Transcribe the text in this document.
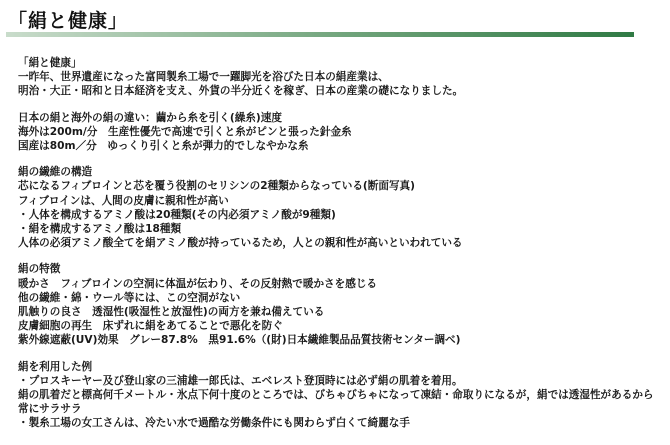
「絹と健康」
「絹と健康」
一昨年、世界遺産になった富岡製糸工場で一躍脚光を浴びた日本の絹産業は、
明治・大正・昭和と日本経済を支え、外貨の半分近くを稼ぎ、日本の産業の礎になりました。
日本の絹と海外の絹の違い：繭から糸を引く(繰糸)速度
海外は200m/分　生産性優先で高速で引くと糸がピンと張った針金糸
国産は80m／分　ゆっくり引くと糸が弾力的でしなやかな糸
絹の繊維の構造
芯になるフィブロインと芯を覆う役割のセリシンの2種類からなっている(断面写真)
フィブロインは、人間の皮膚に親和性が高い
・人体を構成するアミノ酸は20種類(その内必須アミノ酸が9種類)
・絹を構成するアミノ酸は18種類
人体の必須アミノ酸全てを絹アミノ酸が持っているため，人との親和性が高いといわれている
絹の特徴
暖かさ　フィブロインの空洞に体温が伝わり、その反射熱で暖かさを感じる
他の繊維・綿・ウール等には、この空洞がない
肌触りの良さ　透湿性(吸湿性と放湿性)の両方を兼ね備えている
皮膚細胞の再生　床ずれに絹をあてることで悪化を防ぐ
紫外線遮蔽(UV)効果　グレー87.8%　黒91.6%（(財)日本繊維製品品質技術センター調べ)
絹を利用した例
・プロスキーヤー及び登山家の三浦雄一郎氏は、エベレスト登頂時には必ず絹の肌着を着用。
絹の肌着だと標高何千メートル・氷点下何十度のところでは、びちゃびちゃになって凍結・命取りになるが，絹では透湿性があるから
常にサラサラ
・製糸工場の女工さんは、冷たい水で過酷な労働条件にも関わらず白くて綺麗な手
